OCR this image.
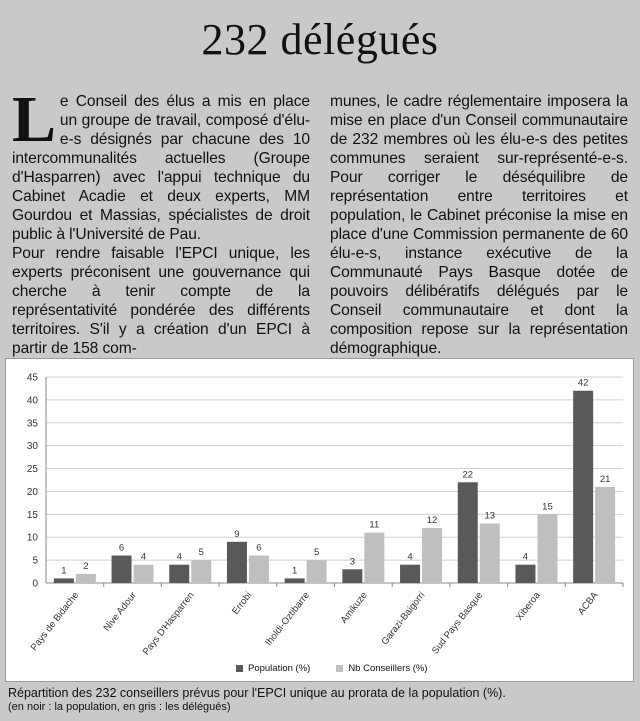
232 délégués

Le Conseil des élus a mis en place un groupe de travail, composé d'élu-e-s désignés par chacune des 10 intercommunalités actuelles (Groupe d'Hasparren) avec l'appui technique du Cabinet Acadie et deux experts, MM Gourdou et Massias, spécialistes de droit public à l'Université de Pau.

Pour rendre faisable l'EPCI unique, les experts préconisent une gouvernance qui cherche à tenir compte de la représentativité pondérée des différents territoires. S'il y a création d'un EPCI à partir de 158 com-

munes, le cadre réglementaire imposera la mise en place d'un Conseil communautaire de 232 membres où les élu-e-s des petites communes seraient sur-représenté-e-s. Pour corriger le déséquilibre de représentation entre territoires et population, le Cabinet préconise la mise en place d'une Commission permanente de 60 élu-e-s, instance exécutive de la Communauté Pays Basque dotée de pouvoirs délibératifs délégués par le Conseil communautaire et dont la composition repose sur la représentation démographique.

0
5
10
15
20
25
30
35
40
45
1 2
Pays de Bidache
6
4
Nive Adour
4 5
Pays D'Hasparren
9
6
Errobi
1
5
Iholdi-Oztibarre
3
11
Amikuze
4
12
Garazi-Baigorri
22
13
Sud Pays Basque
4
15
Xiberoa
42
21
ACBA
Population (%)	Nb Conseillers (%)
Répartition des 232 conseillers prévus pour l'EPCI unique au prorata de la population (%).
(en noir : la population, en gris : les délégués)
